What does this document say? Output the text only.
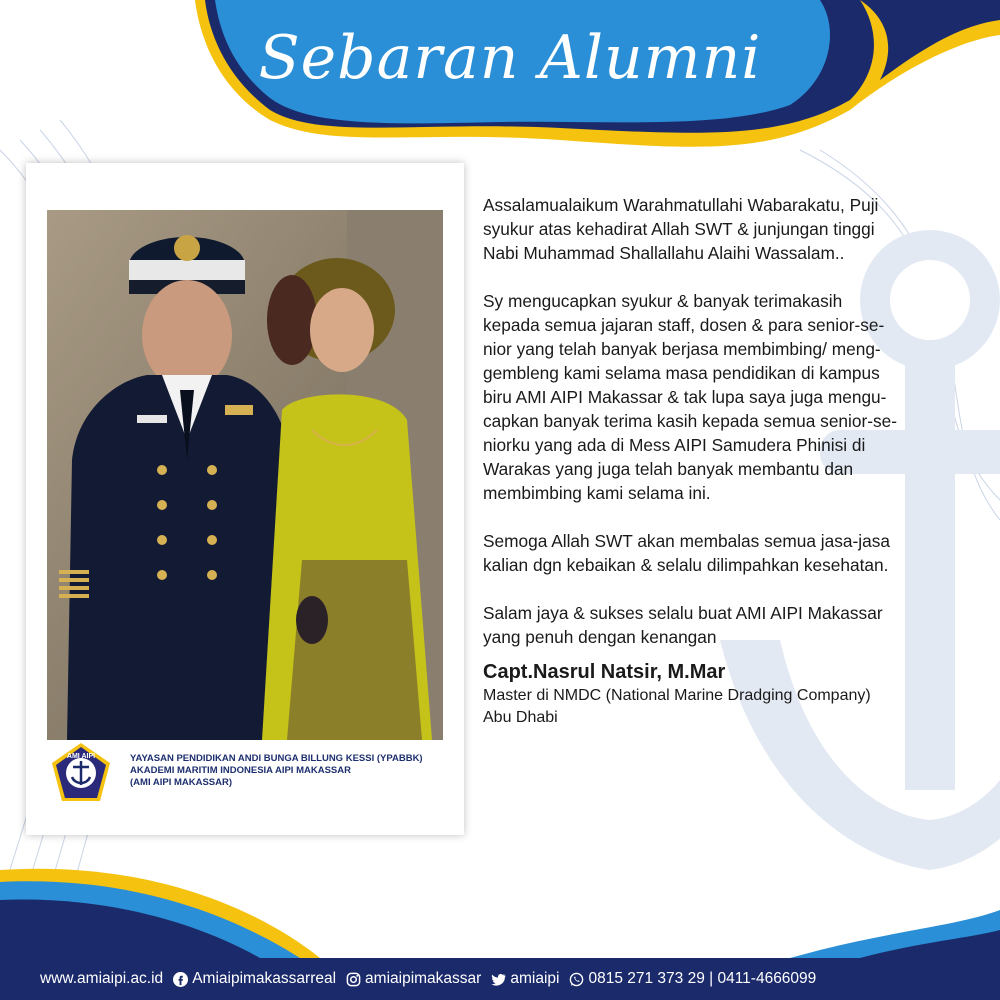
Sebaran Alumni
AMI AIPI	YAYASAN PENDIDIKAN ANDI BUNGA BILLUNG KESSI (YPABBK)
AKADEMI MARITIM INDONESIA AIPI MAKASSAR
(AMI AIPI MAKASSAR)

Assalamualaikum Warahmatullahi Wabarakatu, Puji
syukur atas kehadirat Allah SWT & junjungan tinggi
Nabi Muhammad Shallallahu Alaihi Wassalam..

Sy mengucapkan syukur & banyak terimakasih
kepada semua jajaran staff, dosen & para senior-se-
nior yang telah banyak berjasa membimbing/ meng-
gembleng kami selama masa pendidikan di kampus
biru AMI AIPI Makassar & tak lupa saya juga mengu-
capkan banyak terima kasih kepada semua senior-se-
niorku yang ada di Mess AIPI Samudera Phinisi di
Warakas yang juga telah banyak membantu dan
membimbing kami selama ini.

Semoga Allah SWT akan membalas semua jasa-jasa
kalian dgn kebaikan & selalu dilimpahkan kesehatan.

Salam jaya & sukses selalu buat AMI AIPI Makassar
yang penuh dengan kenangan

Capt.Nasrul Natsir, M.Mar
Master di NMDC (National Marine Dradging Company)
Abu Dhabi
www.amiaipi.ac.id Amiaipimakassarreal amiaipimakassar amiaipi 0815 271 373 29 | 0411-4666099
